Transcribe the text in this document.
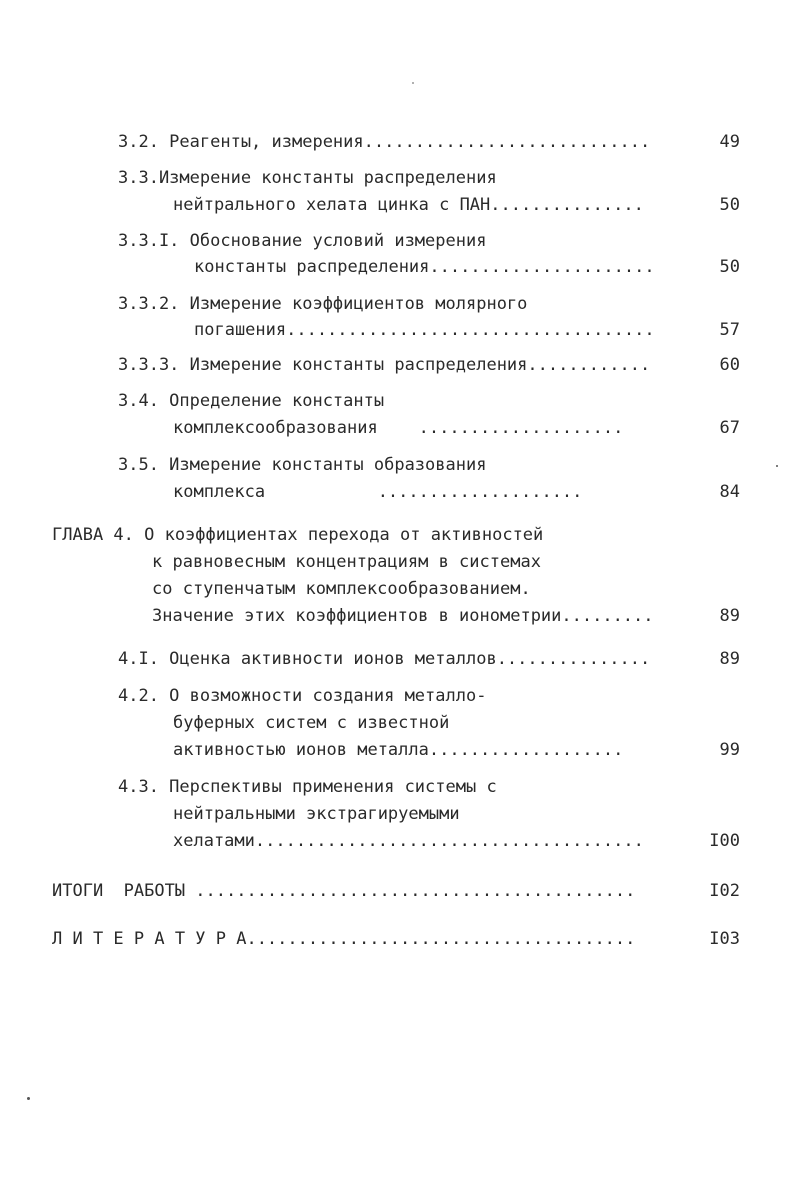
3.2. Реагенты, измерения............................	49
3.3.Измерение константы распределения
нейтрального хелата цинка с ПАН...............	50
3.3.I. Обоснование условий измерения
константы распределения......................	50
3.3.2. Измерение коэффициентов молярного
погашения....................................	57
3.3.3. Измерение константы распределения............	60
3.4. Определение константы
комплексообразования    ....................	67
3.5. Измерение константы образования
комплекса           ....................	84
ГЛАВА 4. О коэффициентах перехода от активностей
к равновесным концентрациям в системах
со ступенчатым комплексообразованием.
Значение этих коэффициентов в ионометрии.........	89
4.I. Оценка активности ионов металлов...............	89
4.2. О возможности создания металло-
буферных систем с известной
активностью ионов металла...................	99
4.3. Перспективы применения системы с
нейтральными экстрагируемыми
хелатами......................................	I00
ИТОГИ  РАБОТЫ ...........................................	I02
Л И Т Е Р А Т У Р А......................................	I03
